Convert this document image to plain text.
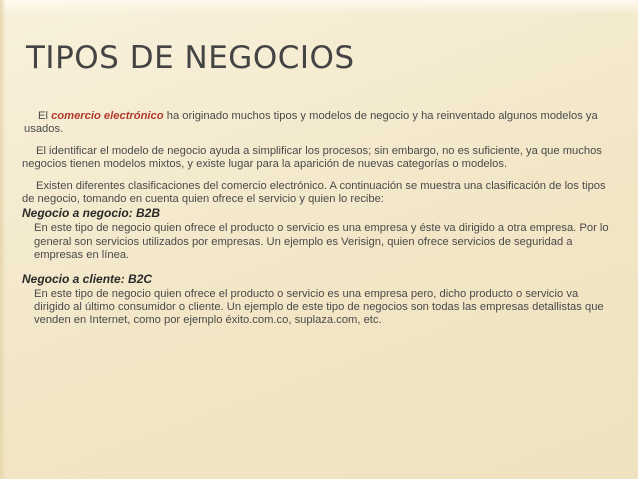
TIPOS DE NEGOCIOS

El comercio electrónico ha originado muchos tipos y modelos de negocio y ha reinventado algunos modelos ya usados.

El identificar el modelo de negocio ayuda a simplificar los procesos; sin embargo, no es suficiente, ya que muchos negocios tienen modelos mixtos, y existe lugar para la aparición de nuevas categorías o modelos.

Existen diferentes clasificaciones del comercio electrónico. A continuación se muestra una clasificación de los tipos de negocio, tomando en cuenta quien ofrece el servicio y quien lo recibe:

Negocio a negocio: B2B

En este tipo de negocio quien ofrece el producto o servicio es una empresa y éste va dirigido a otra empresa. Por lo general son servicios utilizados por empresas. Un ejemplo es Verisign, quien ofrece servicios de seguridad a empresas en línea.

Negocio a cliente: B2C

En este tipo de negocio quien ofrece el producto o servicio es una empresa pero, dicho producto o servicio va dirigido al último consumidor o cliente. Un ejemplo de este tipo de negocios son todas las empresas detallistas que venden en Internet, como por ejemplo éxito.com.co, suplaza.com, etc.
